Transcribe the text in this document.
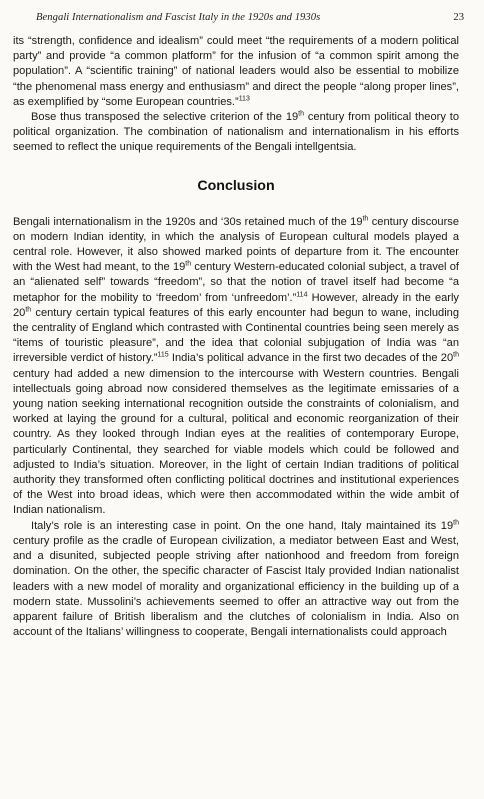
Bengali Internationalism and Fascist Italy in the 1920s and 1930s	23

its “strength, confidence and idealism” could meet “the requirements of a modern political party” and provide “a common platform” for the infusion of “a common spirit among the population”. A “scientific training” of national leaders would also be essential to mobilize “the phenomenal mass energy and enthusiasm” and direct the people “along proper lines”, as exemplified by “some European countries.”$^{113}$

Bose thus transposed the selective criterion of the 19th century from political theory to political organization. The combination of nationalism and internationalism in his efforts seemed to reflect the unique requirements of the Bengali intellgentsia.

Conclusion

Bengali internationalism in the 1920s and ‘30s retained much of the 19th century discourse on modern Indian identity, in which the analysis of European cultural models played a central role. However, it also showed marked points of departure from it. The encounter with the West had meant, to the 19th century Western-educated colonial subject, a travel of an “alienated self” towards “freedom”, so that the notion of travel itself had become “a metaphor for the mobility to ‘freedom’ from ‘unfreedom’.”$^{114}$ However, already in the early 20th century certain typical features of this early encounter had begun to wane, including the centrality of England which contrasted with Continental countries being seen merely as “items of touristic pleasure”, and the idea that colonial subjugation of India was “an irreversible verdict of history.”$^{115}$ India’s political advance in the first two decades of the 20th century had added a new dimension to the intercourse with Western countries. Bengali intellectuals going abroad now considered themselves as the legitimate emissaries of a young nation seeking international recognition outside the constraints of colonialism, and worked at laying the ground for a cultural, political and economic reorganization of their country. As they looked through Indian eyes at the realities of contemporary Europe, particularly Continental, they searched for viable models which could be followed and adjusted to India’s situation. Moreover, in the light of certain Indian traditions of political authority they transformed often conflicting political doctrines and institutional experiences of the West into broad ideas, which were then accommodated within the wide ambit of Indian nationalism.

Italy’s role is an interesting case in point. On the one hand, Italy maintained its 19th century profile as the cradle of European civilization, a mediator between East and West, and a disunited, subjected people striving after nationhood and freedom from foreign domination. On the other, the specific character of Fascist Italy provided Indian nationalist leaders with a new model of morality and organizational efficiency in the building up of a modern state. Mussolini’s achievements seemed to offer an attractive way out from the apparent failure of British liberalism and the clutches of colonialism in India. Also on account of the Italians’ willingness to cooperate, Bengali internationalists could approach
